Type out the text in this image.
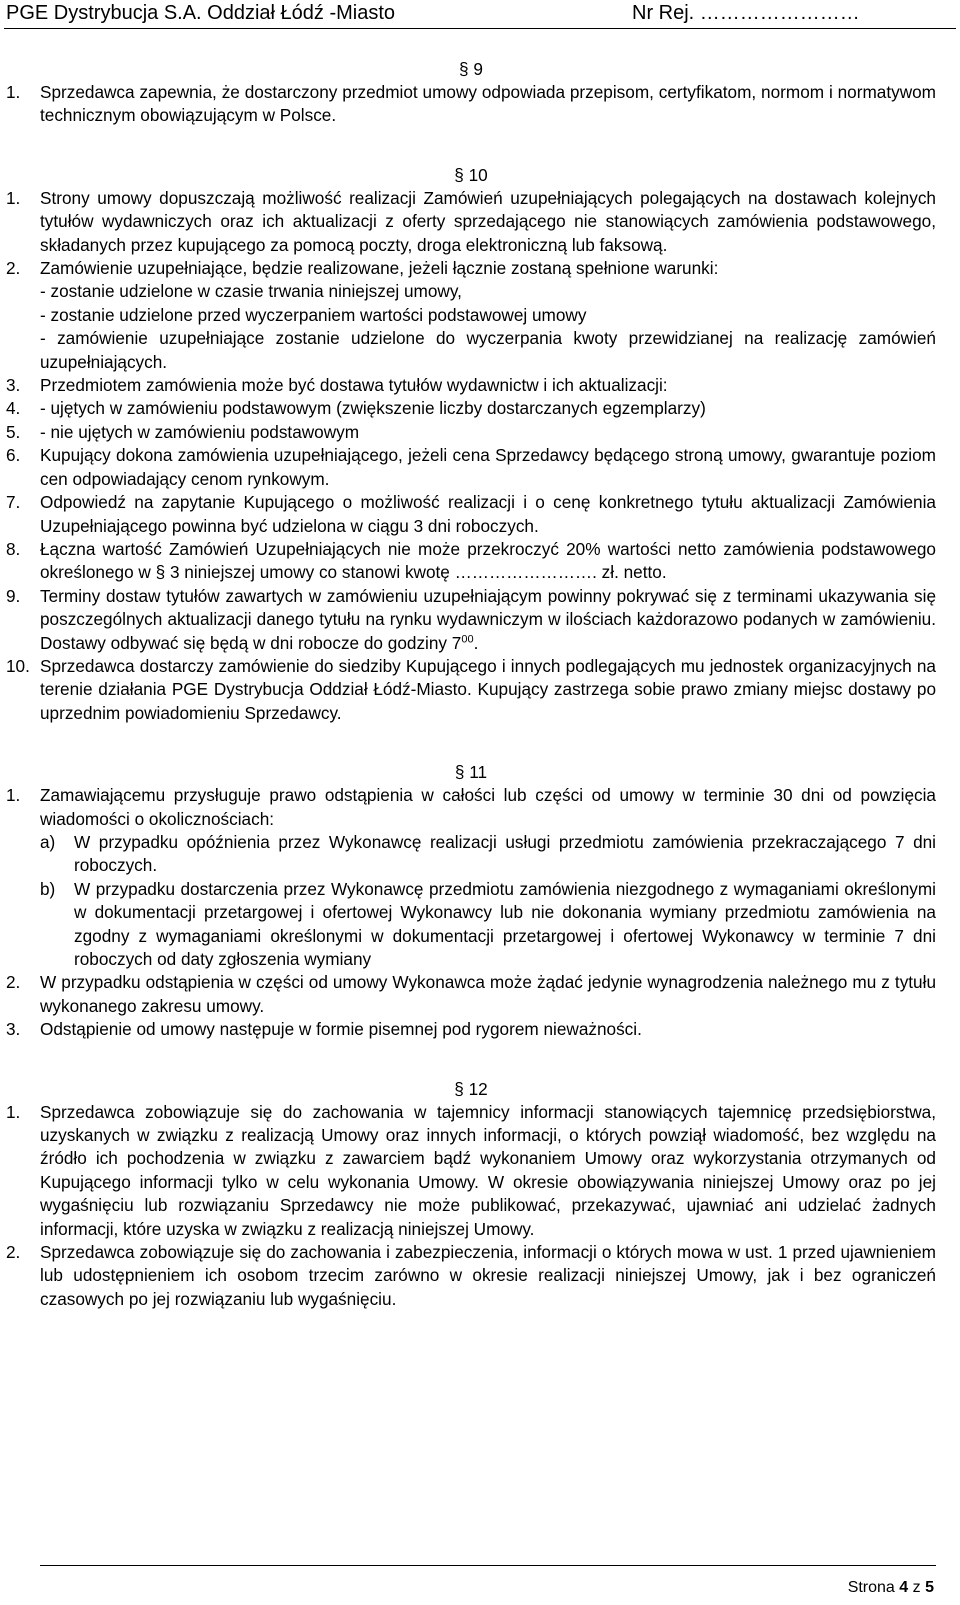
PGE Dystrybucja S.A. Oddział Łódź -Miasto	Nr Rej. ……………………
§ 9
1.	Sprzedawca zapewnia, że dostarczony przedmiot umowy odpowiada przepisom, certyfikatom, normom i normatywom technicznym obowiązującym w Polsce.
§ 10
1.	Strony umowy dopuszczają możliwość realizacji Zamówień uzupełniających polegających na dostawach kolejnych tytułów wydawniczych oraz ich aktualizacji z oferty sprzedającego nie stanowiących zamówienia podstawowego, składanych przez kupującego za pomocą poczty, droga elektroniczną lub faksową.
2.	Zamówienie uzupełniające, będzie realizowane, jeżeli łącznie zostaną spełnione warunki:
- zostanie udzielone w czasie trwania niniejszej umowy,
- zostanie udzielone przed wyczerpaniem wartości podstawowej umowy
- zamówienie uzupełniające zostanie udzielone do wyczerpania kwoty przewidzianej na realizację zamówień uzupełniających.
3.	Przedmiotem zamówienia może być dostawa tytułów wydawnictw i ich aktualizacji:
4.	- ujętych w zamówieniu podstawowym (zwiększenie liczby dostarczanych egzemplarzy)
5.	- nie ujętych w zamówieniu podstawowym
6.	Kupujący dokona zamówienia uzupełniającego, jeżeli cena Sprzedawcy będącego stroną umowy, gwarantuje poziom cen odpowiadający cenom rynkowym.
7.	Odpowiedź na zapytanie Kupującego o możliwość realizacji i o cenę konkretnego tytułu aktualizacji Zamówienia Uzupełniającego powinna być udzielona w ciągu 3 dni roboczych.
8.	Łączna wartość Zamówień Uzupełniających nie może przekroczyć 20% wartości netto zamówienia podstawowego określonego w § 3 niniejszej umowy co stanowi kwotę ……………………. zł. netto.
9.	Terminy dostaw tytułów zawartych w zamówieniu uzupełniającym powinny pokrywać się z terminami ukazywania się poszczególnych aktualizacji danego tytułu na rynku wydawniczym w ilościach każdorazowo podanych w zamówieniu. Dostawy odbywać się będą w dni robocze do godziny $7^{00}$.
10. Sprzedawca dostarczy zamówienie do siedziby Kupującego i innych podlegających mu jednostek organizacyjnych na terenie działania PGE Dystrybucja Oddział Łódź-Miasto. Kupujący zastrzega sobie prawo zmiany miejsc dostawy po uprzednim powiadomieniu Sprzedawcy.
§ 11
1.	Zamawiającemu przysługuje prawo odstąpienia w całości lub części od umowy w terminie 30 dni od powzięcia wiadomości o okolicznościach:
a)	W przypadku opóźnienia przez Wykonawcę realizacji usługi przedmiotu zamówienia przekraczającego 7 dni roboczych.
b)	W przypadku dostarczenia przez Wykonawcę przedmiotu zamówienia niezgodnego z wymaganiami określonymi w dokumentacji przetargowej i ofertowej Wykonawcy lub nie dokonania wymiany przedmiotu zamówienia na zgodny z wymaganiami określonymi w dokumentacji przetargowej i ofertowej Wykonawcy w terminie 7 dni roboczych od daty zgłoszenia wymiany
2.	W przypadku odstąpienia w części od umowy Wykonawca może żądać jedynie wynagrodzenia należnego mu z tytułu wykonanego zakresu umowy.
3.	Odstąpienie od umowy następuje w formie pisemnej pod rygorem nieważności.
§ 12
1.	Sprzedawca zobowiązuje się do zachowania w tajemnicy informacji stanowiących tajemnicę przedsiębiorstwa, uzyskanych w związku z realizacją Umowy oraz innych informacji, o których powziął wiadomość, bez względu na źródło ich pochodzenia w związku z zawarciem bądź wykonaniem Umowy oraz wykorzystania otrzymanych od Kupującego informacji tylko w celu wykonania Umowy. W okresie obowiązywania niniejszej Umowy oraz po jej wygaśnięciu lub rozwiązaniu Sprzedawcy nie może publikować, przekazywać, ujawniać ani udzielać żadnych informacji, które uzyska w związku z realizacją niniejszej Umowy.
2.	Sprzedawca zobowiązuje się do zachowania i zabezpieczenia, informacji o których mowa w ust. 1 przed ujawnieniem lub udostępnieniem ich osobom trzecim zarówno w okresie realizacji niniejszej Umowy, jak i bez ograniczeń czasowych po jej rozwiązaniu lub wygaśnięciu.
Strona 4 z 5
